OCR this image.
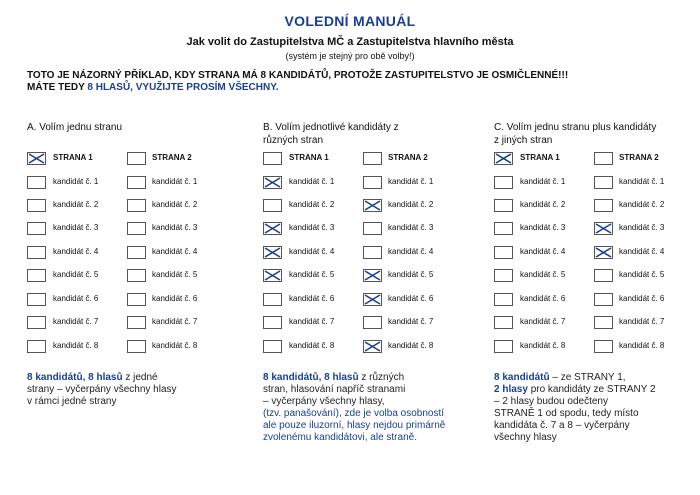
VOLEDNÍ MANUÁL
Jak volit do Zastupitelstva MČ a Zastupitelstva hlavního města
(systém je stejný pro obě volby!)
TOTO JE NÁZORNÝ PŘÍKLAD, KDY STRANA MÁ 8 KANDIDÁTŮ, PROTOŽE ZASTUPITELSTVO JE OSMIČLENNÉ!!!
MÁTE TEDY 8 HLASŮ, VYUŽIJTE PROSÍM VŠECHNY.
A. Volím jednu stranu
STRANA 1	STRANA 2
kandidát č. 1	kandidát č. 1
kandidát č. 2	kandidát č. 2
kandidát č. 3	kandidát č. 3
kandidát č. 4	kandidát č. 4
kandidát č. 5	kandidát č. 5
kandidát č. 6	kandidát č. 6
kandidát č. 7	kandidát č. 7
kandidát č. 8	kandidát č. 8
8 kandidátů, 8 hlasů z jedné
strany – vyčerpány všechny hlasy
v rámci jedné strany
B. Volím jednotlivé kandidáty z různých stran
STRANA 1	STRANA 2
kandidát č. 1	kandidát č. 1
kandidát č. 2	kandidát č. 2
kandidát č. 3	kandidát č. 3
kandidát č. 4	kandidát č. 4
kandidát č. 5	kandidát č. 5
kandidát č. 6	kandidát č. 6
kandidát č. 7	kandidát č. 7
kandidát č. 8	kandidát č. 8
8 kandidátů, 8 hlasů z různých
stran, hlasování napříč stranami
– vyčerpány všechny hlasy,
(tzv. panašování), zde je volba osobností
ale pouze iluzorní, hlasy nejdou primárně
zvolenému kandidátovi, ale straně.
C. Volím jednu stranu plus kandidáty z jiných stran
STRANA 1	STRANA 2
kandidát č. 1	kandidát č. 1
kandidát č. 2	kandidát č. 2
kandidát č. 3	kandidát č. 3
kandidát č. 4	kandidát č. 4
kandidát č. 5	kandidát č. 5
kandidát č. 6	kandidát č. 6
kandidát č. 7	kandidát č. 7
kandidát č. 8	kandidát č. 8
8 kandidátů – ze STRANY 1,
2 hlasy pro kandidáty ze STRANY 2
– 2 hlasy budou odečteny
STRANĚ 1 od spodu, tedy místo
kandidáta č. 7 a 8 – vyčerpány
všechny hlasy
